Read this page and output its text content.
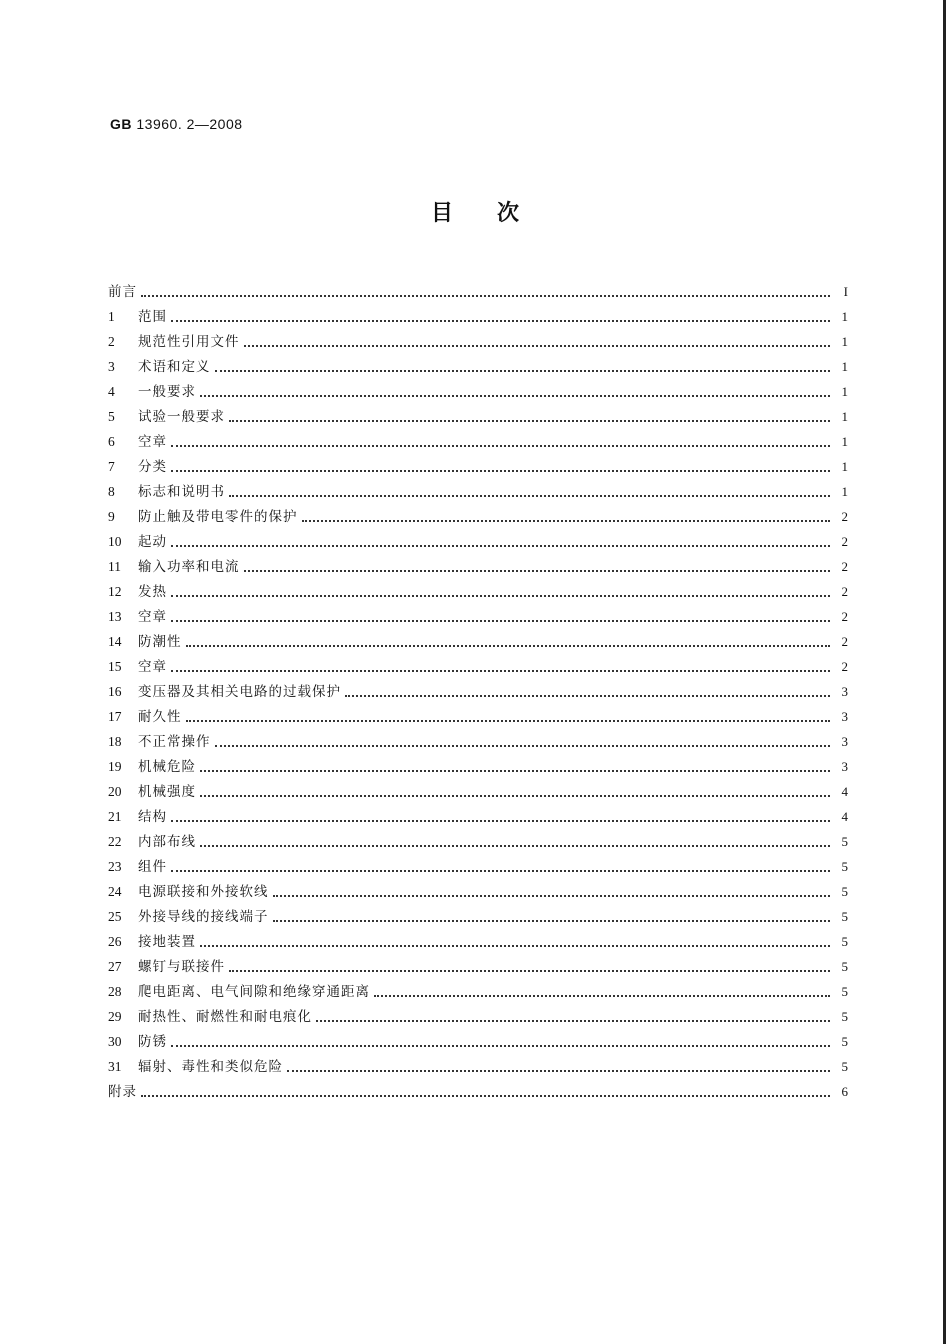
GB 13960. 2—2008
目次
前言	I
1	范围	1
2	规范性引用文件	1
3	术语和定义	1
4	一般要求	1
5	试验一般要求	1
6	空章	1
7	分类	1
8	标志和说明书	1
9	防止触及带电零件的保护	2
10	起动	2
11	输入功率和电流	2
12	发热	2
13	空章	2
14	防潮性	2
15	空章	2
16	变压器及其相关电路的过载保护	3
17	耐久性	3
18	不正常操作	3
19	机械危险	3
20	机械强度	4
21	结构	4
22	内部布线	5
23	组件	5
24	电源联接和外接软线	5
25	外接导线的接线端子	5
26	接地装置	5
27	螺钉与联接件	5
28	爬电距离、电气间隙和绝缘穿通距离	5
29	耐热性、耐燃性和耐电痕化	5
30	防锈	5
31	辐射、毒性和类似危险	5
附录	6
